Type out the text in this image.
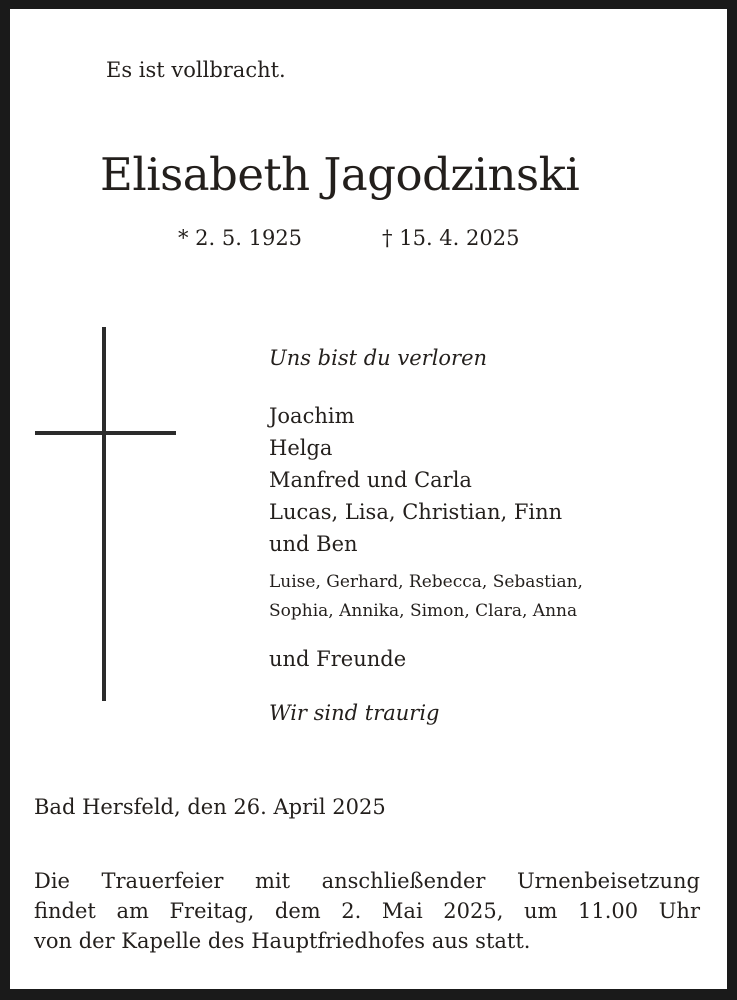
Es ist vollbracht.

Elisabeth Jagodzinski

* 2. 5. 1925	† 15. 4. 2025

Uns bist du verloren

Joachim
Helga
Manfred und Carla
Lucas, Lisa, Christian, Finn
und Ben
Luise, Gerhard, Rebecca, Sebastian,
Sophia, Annika, Simon, Clara, Anna

und Freunde

Wir sind traurig

Bad Hersfeld, den 26. April 2025

Die Trauerfeier mit anschließender Urnenbeisetzung
findet am Freitag, dem 2. Mai 2025, um 11.00 Uhr
von der Kapelle des Hauptfriedhofes aus statt.
